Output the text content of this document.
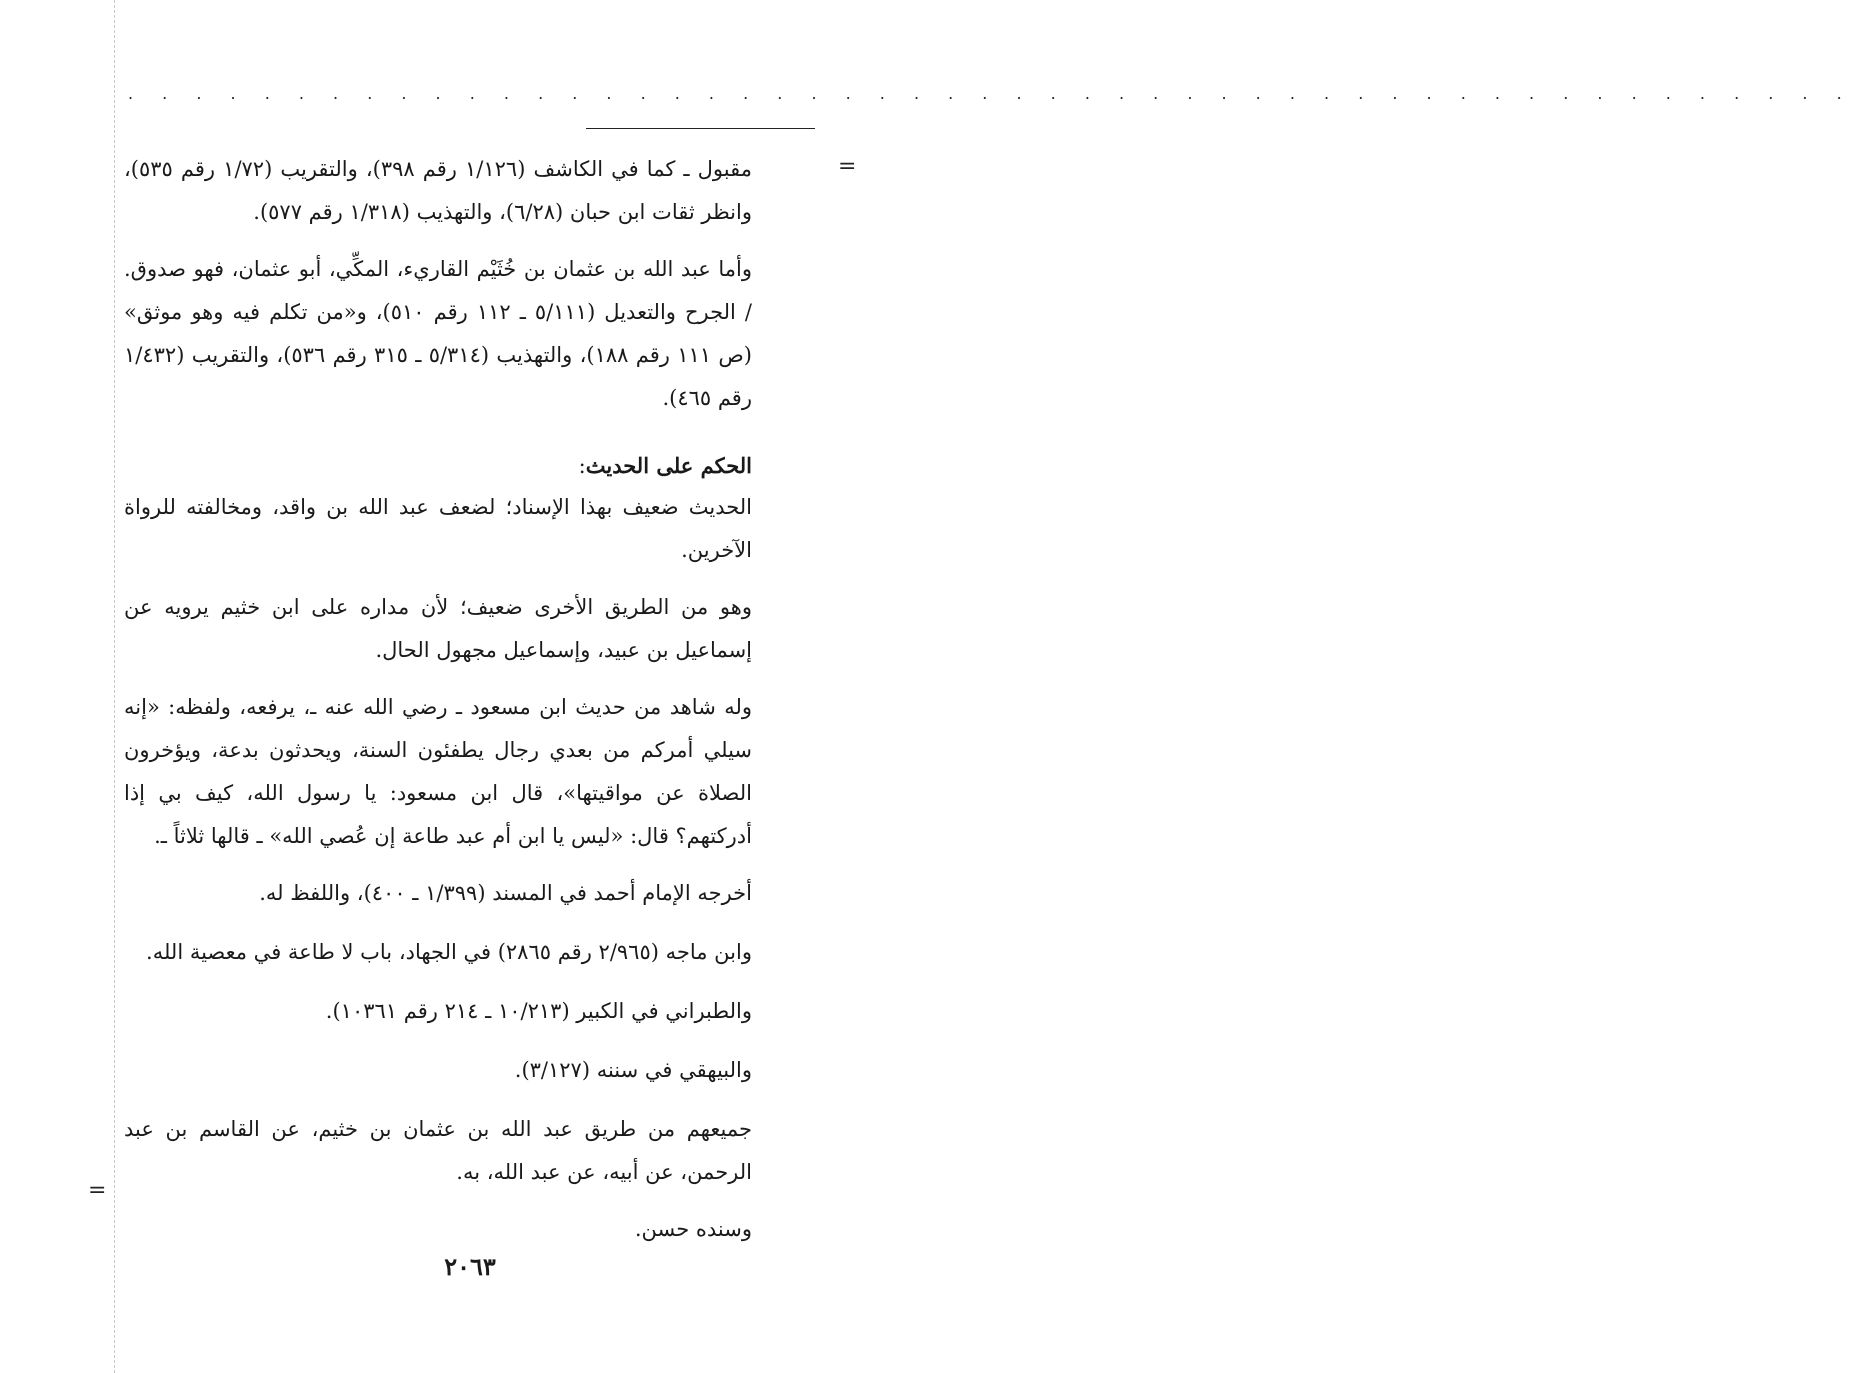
. . . . . . . . . . . . . . . . . . . . . . . . . . . . . . . . . . . . . . . . . . . . . . . . . . .
=
=

مقبول ـ كما في الكاشف (١/١٢٦ رقم ٣٩٨)، والتقريب (١/٧٢ رقم ٥٣٥)، وانظر ثقات ابن حبان (٦/٢٨)، والتهذيب (١/٣١٨ رقم ٥٧٧).

وأما عبد الله بن عثمان بن خُثَيْم القاريء، المكِّي، أبو عثمان، فهو صدوق. / الجرح والتعديل (٥/١١١ ـ ١١٢ رقم ٥١٠)، و«من تكلم فيه وهو موثق» (ص ١١١ رقم ١٨٨)، والتهذيب (٥/٣١٤ ـ ٣١٥ رقم ٥٣٦)، والتقريب (١/٤٣٢ رقم ٤٦٥).

الحكم على الحديث:

الحديث ضعيف بهذا الإسناد؛ لضعف عبد الله بن واقد، ومخالفته للرواة الآخرين.

وهو من الطريق الأخرى ضعيف؛ لأن مداره على ابن خثيم يرويه عن إسماعيل بن عبيد، وإسماعيل مجهول الحال.

وله شاهد من حديث ابن مسعود ـ رضي الله عنه ـ، يرفعه، ولفظه: «إنه سيلي أمركم من بعدي رجال يطفئون السنة، ويحدثون بدعة، ويؤخرون الصلاة عن مواقيتها»، قال ابن مسعود: يا رسول الله، كيف بي إذا أدركتهم؟ قال: «ليس يا ابن أم عبد طاعة إن عُصي الله» ـ قالها ثلاثاً ـ.

أخرجه الإمام أحمد في المسند (١/٣٩٩ ـ ٤٠٠)، واللفظ له.

وابن ماجه (٢/٩٦٥ رقم ٢٨٦٥) في الجهاد، باب لا طاعة في معصية الله.

والطبراني في الكبير (١٠/٢١٣ ـ ٢١٤ رقم ١٠٣٦١).

والبيهقي في سننه (٣/١٢٧).

جميعهم من طريق عبد الله بن عثمان بن خثيم، عن القاسم بن عبد الرحمن، عن أبيه، عن عبد الله، به.

وسنده حسن.

٢٠٦٣
